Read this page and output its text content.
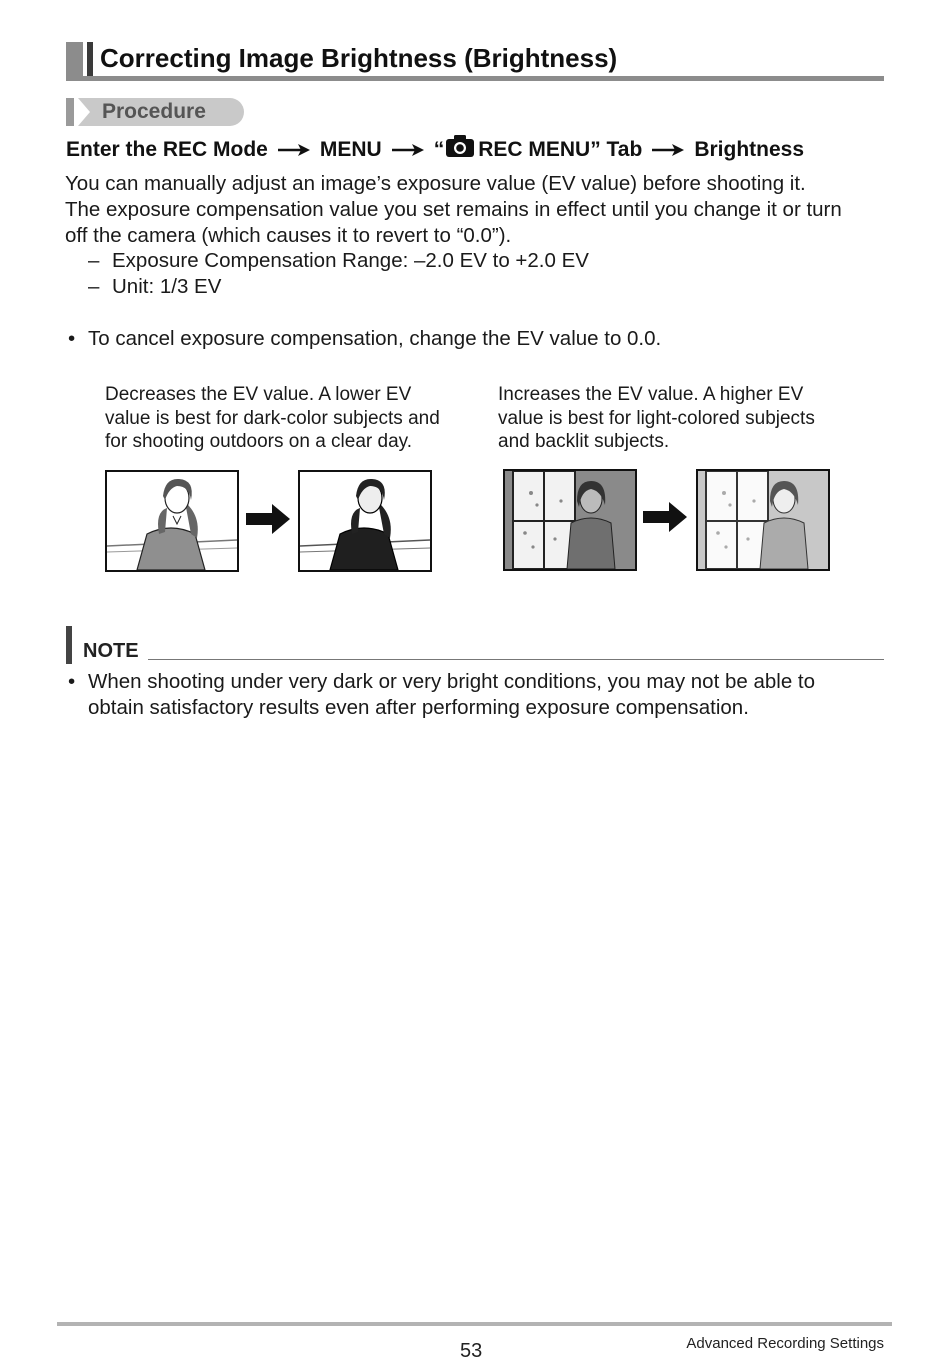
Correcting Image Brightness (Brightness)
Procedure
Enter the REC Mode MENU “ REC MENU” Tab Brightness

You can manually adjust an image’s exposure value (EV value) before shooting it.

The exposure compensation value you set remains in effect until you change it or turn

off the camera (which causes it to revert to “0.0”).

– Exposure Compensation Range: –2.0 EV to +2.0 EV
– Unit: 1/3 EV
• To cancel exposure compensation, change the EV value to 0.0.
Decreases the EV value. A lower EV
value is best for dark-color subjects and
for shooting outdoors on a clear day.
Increases the EV value. A higher EV
value is best for light-colored subjects
and backlit subjects.
NOTE
• When shooting under very dark or very bright conditions, you may not be able to
obtain satisfactory results even after performing exposure compensation.
53	Advanced Recording Settings
